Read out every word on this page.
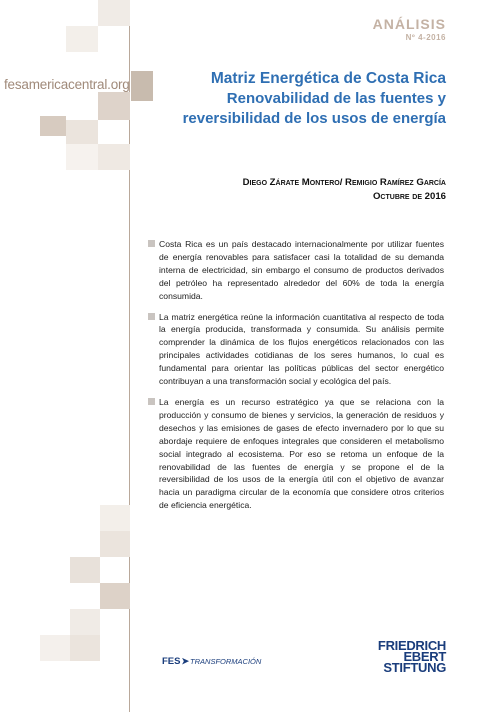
ANÁLISIS
Nº 4-2016
fesamericacentral.org	Matriz Energética de Costa Rica
Renovabilidad de las fuentes y
reversibilidad de los usos de energía
Diego Zárate Montero/ Remigio Ramírez García
Octubre de 2016
Costa Rica es un país destacado internacionalmente por utilizar fuentes de energía renovables para satisfacer casi la totalidad de su demanda interna de electricidad, sin embargo el consumo de productos derivados del petróleo ha representado alrededor del 60% de toda la energía consumida.
La matriz energética reúne la información cuantitativa al respecto de toda la energía producida, transformada y consumida. Su análisis permite comprender la dinámica de los flujos energéticos relacionados con las principales actividades cotidianas de los seres humanos, lo cual es fundamental para orientar las políticas públicas del sector energético contribuyan a una transformación social y ecológica del país.
La energía es un recurso estratégico ya que se relaciona con la producción y consumo de bienes y servicios, la generación de residuos y desechos y las emisiones de gases de efecto invernadero por lo que su abordaje requiere de enfoques integrales que consideren el metabolismo social integrado al ecosistema. Por eso se retoma un enfoque de la renovabilidad de las fuentes de energía y se propone el de la reversibilidad de los usos de la energía útil con el objetivo de avanzar hacia un paradigma circular de la economía que considere otros criterios de eficiencia energética.
FES ➤ TRANSFORMACIÓN
FRIEDRICH
EBERT
STIFTUNG
